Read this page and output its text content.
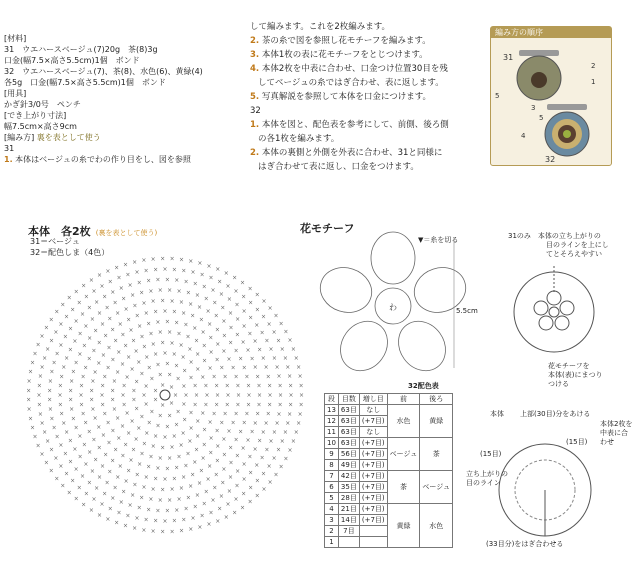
[材料]
31　ウエハースベージュ(7)20g　茶(8)3g
口金(幅7.5×高さ5.5cm)1個　ボンド
32　ウエハースベージュ(7)、茶(8)、水色(6)、黄緑(4)
各5g　口金(幅7.5×高さ5.5cm)1個　ボンド
[用具]
かぎ針3/0号　ペンチ
[でき上がり寸法]
幅7.5cm×高さ9cm
[編み方] 裏を表として使う
31
1. 本体はベージュの糸でわの作り目をし、図を参照
して編みます。これを2枚編みます。
2. 茶の糸で図を参照し花モチーフを編みます。
3. 本体1枚の表に花モチーフをとじつけます。
4. 本体2枚を中表に合わせ、口金つけ位置30目を残
してベージュの糸ではぎ合わせ、表に返します。
5. 写真解説を参照して本体を口金につけます。
32
1. 本体を図と、配色表を参考にして、前側、後ろ側
の各1枚を編みます。
2. 本体の裏側と外側を外表に合わせ、31と同様に
はぎ合わせて表に返し、口金をつけます。
編み方の順序
31
1
2
3
4
5
5
32
本体　各2枚 (裏を表として使う)
31＝ベージュ
32＝配色しま（4色）
×
×
×
×
×
× ×
×
×
×
×
×
×
×
×
×
×
× ×
×
×
×
×
×
×
×
×
×
×
×
×
×
×
×
×
× × × ×
×
×
×
×
×
×
×
×
×
×
×
×
×
×
×
×
×
×
×
×
×
×
× × × × ×
×
×
×
×
×
×
×
×
×
×
×
×
×
×
×
×
×
×
×
×
×
×
×
×
×
×
×
×
× × × × ×
×
×
×
×
×
×
×
×
×
×
×
×
×
×
×
×
×
×
×
×
×
×
×
×
×
×
×
×
×
×
×
×
×
×
×
× × × × × ×
×
×
×
×
×
×
×
×
×
×
×
×
×
×
×
×
×
×
×
×
×
×
×
×
×
×
×
×
×
×
×
×
×
×
×
×
×
×
×
×
×
× × × × × × ×
×
×
×
×
×
×
×
×
×
×
×
×
×
×
×
×
×
×
×
×
×
×
×
×
×
×
×
×
×
×
×
×
×
×
×
×
×
×
×
×
×
×
×
×
×
×
×
× × × × × × ×
×
×
×
×
×
×
×
×
×
×
×
×
×
×
×
×
×
×
×
×
×
×
×
×
×
×
×
×
×
×
×
×
×
×
×
×
×
×
×
×
×
×
×
×
×
×
×
×
×
×
×
×
×
× × × × × × × × ×
×
×
×
×
×
×
×
×
×
×
×
×
×
×
×
×
×
×
×
×
×
×
×
×
×
×
×
×
×
×
×
×
×
×
×
×
×
×
×
×
×
×
×
×
×
×
×
×
×
×
×
×
×
×
×
×
×
×
×
× × × × × × × × × ×
×
×
×
×
×
×
×
×
×
×
×
×
×
×
×
×
×
×
×
×
×
×
×
×
×
×
×
×
×
×
×
×
×
×
×
×
×
×
×
×
×
×
×
×
×
×
×
×
×
×
×
×
×
×
×
×
×
×
×
×
×
×
×
×
×
× × × × × × × × × × ×
×
×
×
×
×
×
×
×
×
×
×
×
×
×
×
×
×
×
×
×
×
×
×
×
×
×
×
×
×
×
×
×
×
×
×
×
×
×
×
×
×
×
×
×
×
×
×
×
×
×
×
×
×
×
×
×
×
×
×
×
×
×
×
×
×
×
×
×
×
×
×
× × × × × × × × × × ×
×
×
×
×
×
×
×
×
×
×
×
×
×
×
×
×
×
×
×
×
×
×
×
×
×
×
×
×
×
×
×
×
×
×
×
×
×
×
×
×
×
×
×
×
×
×
×
×
×
×
×
×
×
×
×
×
×
×
×
×
×
×
×
×
×
×
×
×
×
×
×
×
×
×
×
×
×
×
× × × × × × × × × × × ×
×
×
×
×
×
×
×
×
×
×
×
×
×
×
×
×
花モチーフ
▼＝糸を切る
5.5cm
わ
31のみ　本体の立ち上がりの
目のラインを上にし
てとそろえやすい
花モチーフを
本体(表)にまつり
つける
32配色表
段	目数	増し目	前	後ろ
13	63目	なし	水色	黄緑
12	63目	(+7目)		
11	63目	なし		
10	63目	(+7目)	ベージュ	茶
9	56目	(+7目)		
8	49目	(+7目)		
7	42目	(+7目)	茶	ベージュ
6	35目	(+7目)		
5	28目	(+7目)		
4	21目	(+7目)	黄緑	水色
3	14目	(+7目)		
2	7目			
1				
本体 上部(30目)分をあける
本体2枚を
中表に合わせ
(15目)
(15目)
立ち上がりの
目のライン
(33目分)をはぎ合わせる
